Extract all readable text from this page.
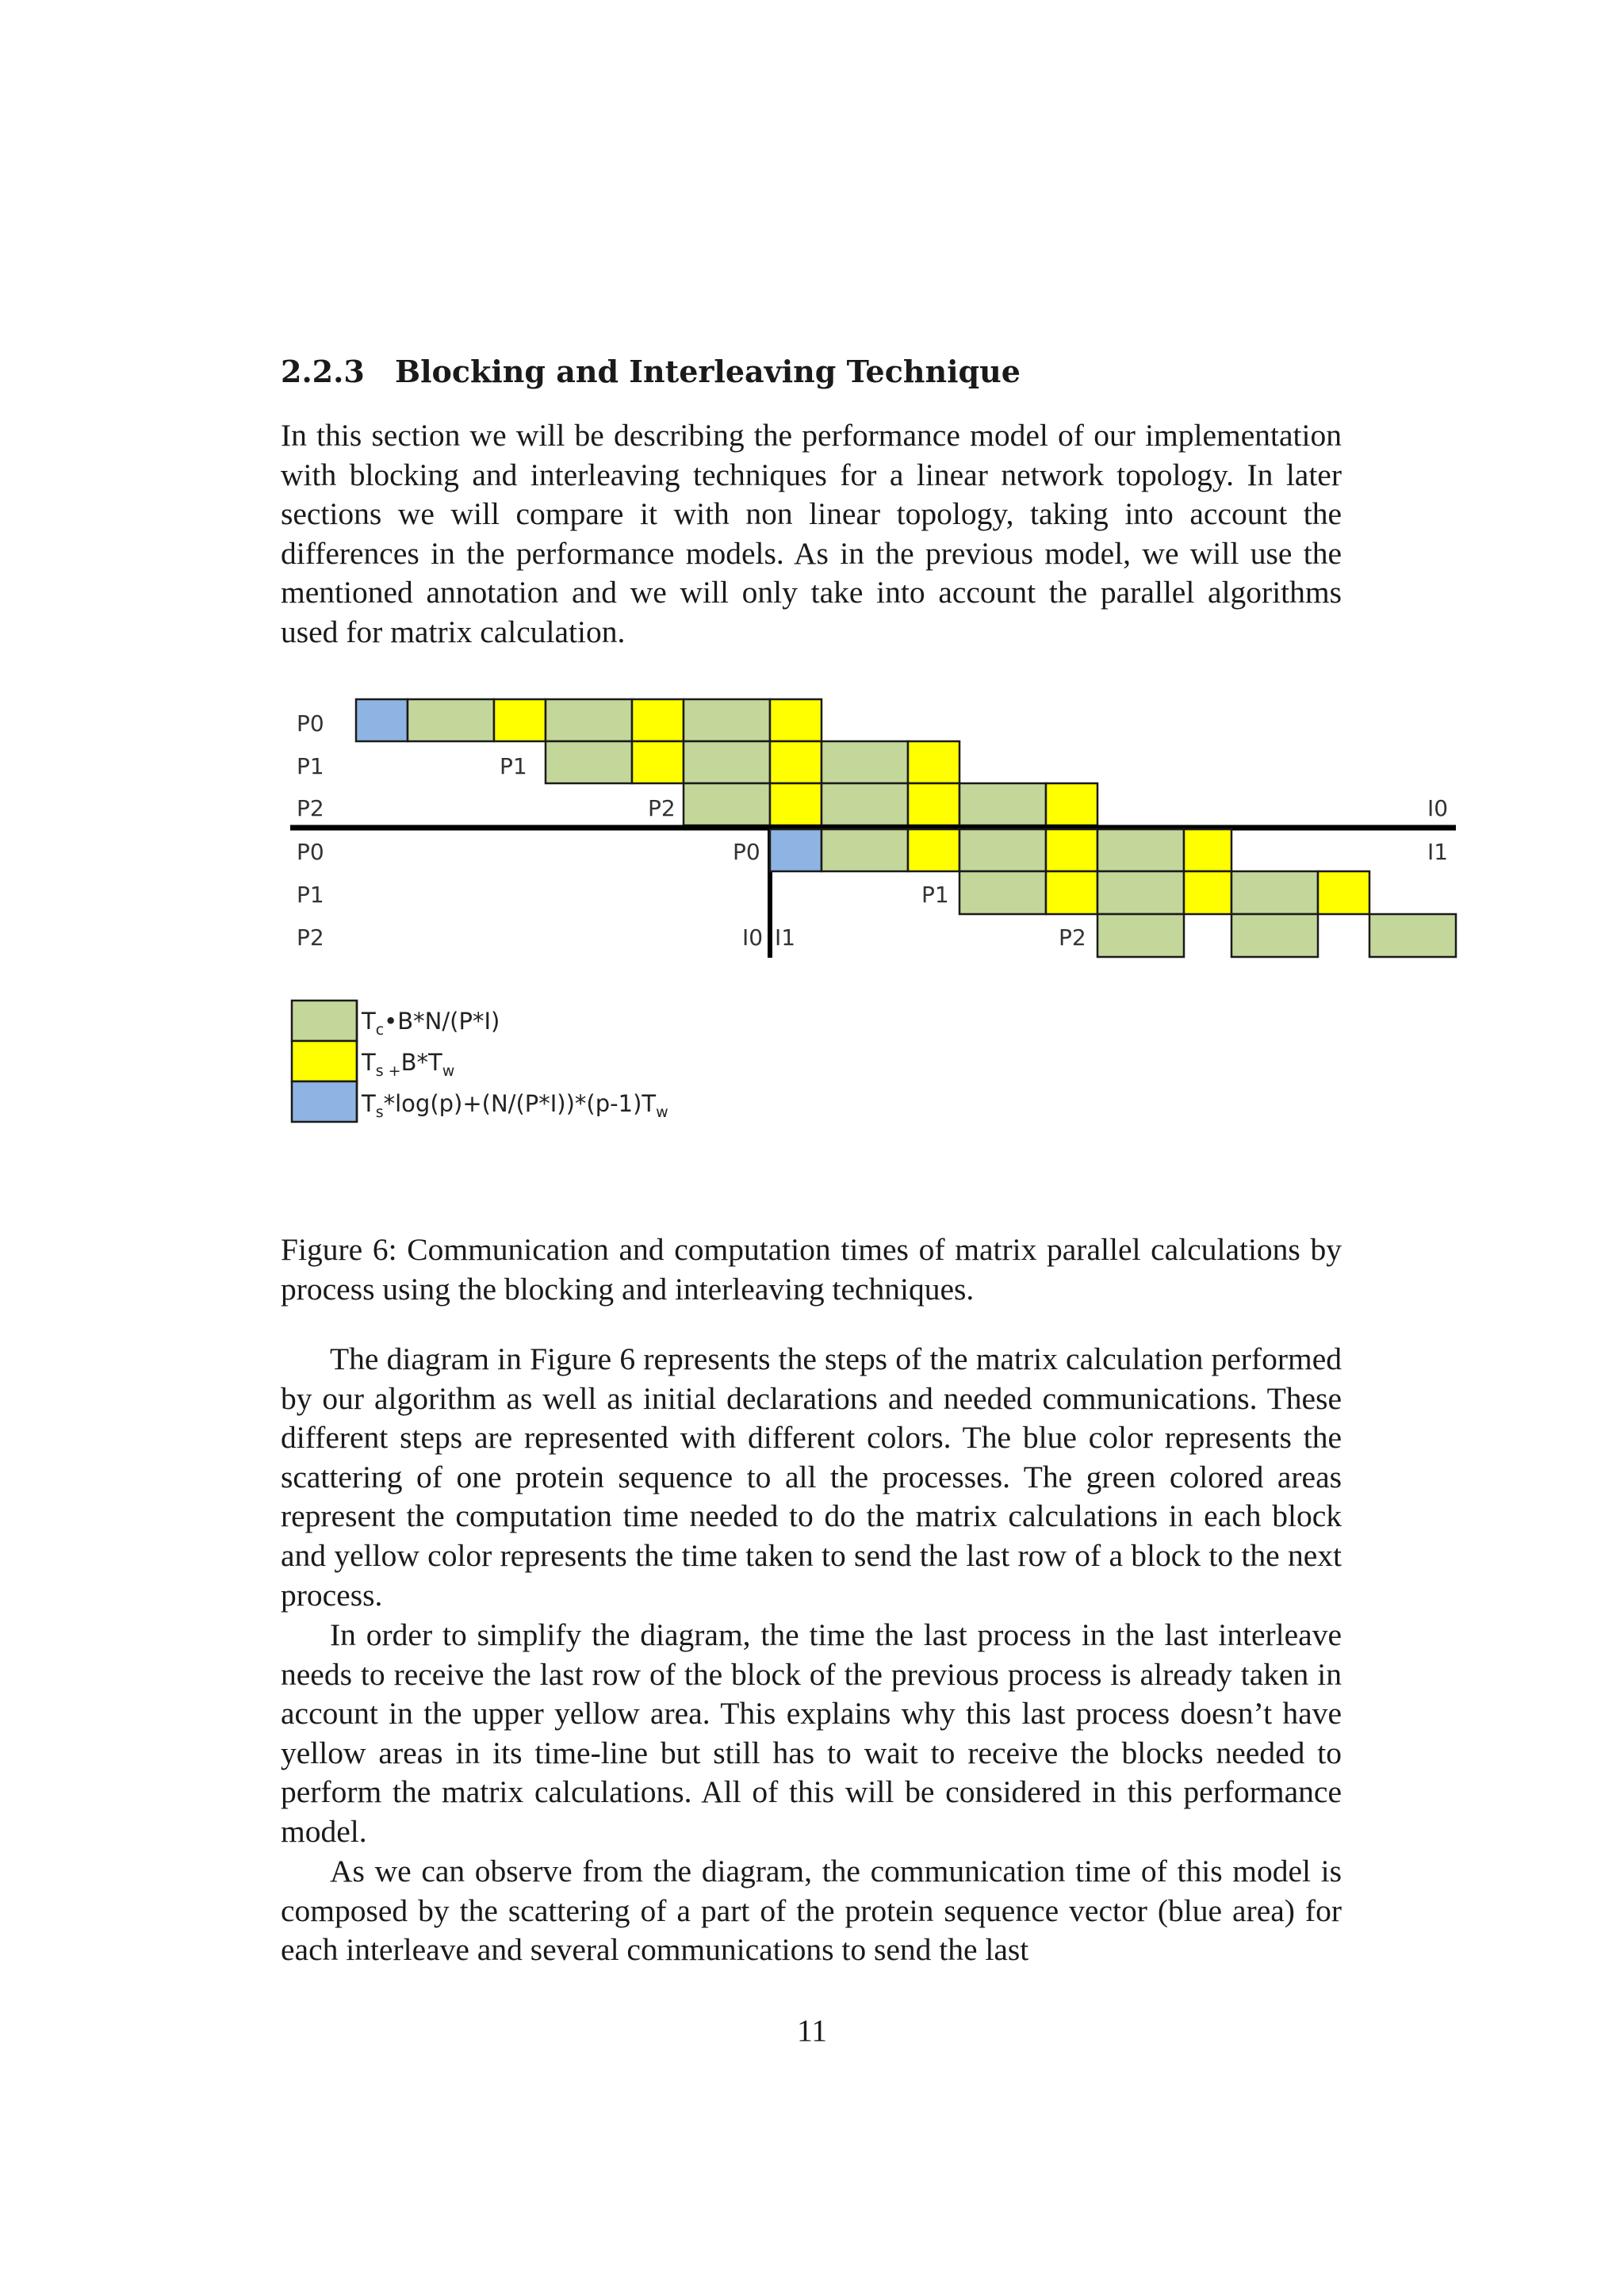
2.2.3 Blocking and Interleaving Technique

In this section we will be describing the performance model of our implementation with blocking and interleaving techniques for a linear network topology. In later sections we will compare it with non linear topology, taking into account the differences in the performance models. As in the previous model, we will use the mentioned annotation and we will only take into account the parallel algorithms used for matrix calculation.

P0
P1
P2
P0
P1
P2
P1
P2	I0
P0	I1
P1
I0 I1	P2
$T_c•B*N/(P*I)$
$T_{s +}B*T_w$
$T_s*\log(p)+(N/(P*I))*(p-1)T_w$

Figure 6: Communication and computation times of matrix parallel calculations by process using the blocking and interleaving techniques.

The diagram in Figure 6 represents the steps of the matrix calculation performed by our algorithm as well as initial declarations and needed communications. These different steps are represented with different colors. The blue color represents the scattering of one protein sequence to all the processes. The green colored areas represent the computation time needed to do the matrix calculations in each block and yellow color represents the time taken to send the last row of a block to the next process.

In order to simplify the diagram, the time the last process in the last interleave needs to receive the last row of the block of the previous process is already taken in account in the upper yellow area. This explains why this last process doesn’t have yellow areas in its time-line but still has to wait to receive the blocks needed to perform the matrix calculations. All of this will be considered in this performance model.

As we can observe from the diagram, the communication time of this model is composed by the scattering of a part of the protein sequence vector (blue area) for each interleave and several communications to send the last

11
